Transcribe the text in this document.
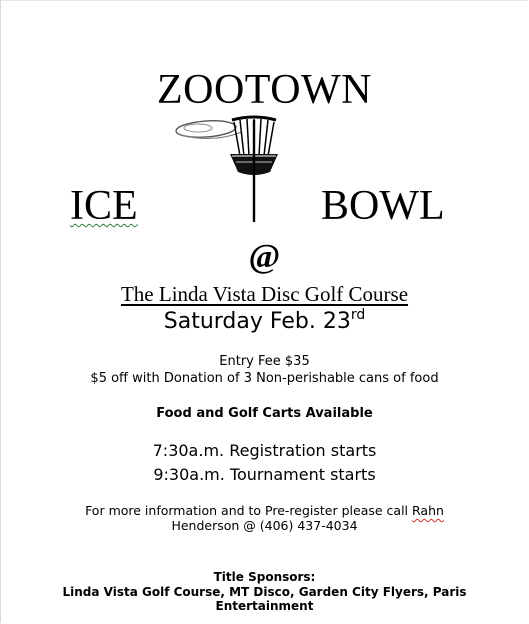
ZOOTOWN
ICE	BOWL
@
The Linda Vista Disc Golf Course
Saturday Feb. 23rd
Entry Fee $35
$5 off with Donation of 3 Non-perishable cans of food
Food and Golf Carts Available
7:30a.m. Registration starts
9:30a.m. Tournament starts
For more information and to Pre-register please call Rahn
Henderson @ (406) 437-4034
Title Sponsors:
Linda Vista Golf Course, MT Disco, Garden City Flyers, Paris
Entertainment
